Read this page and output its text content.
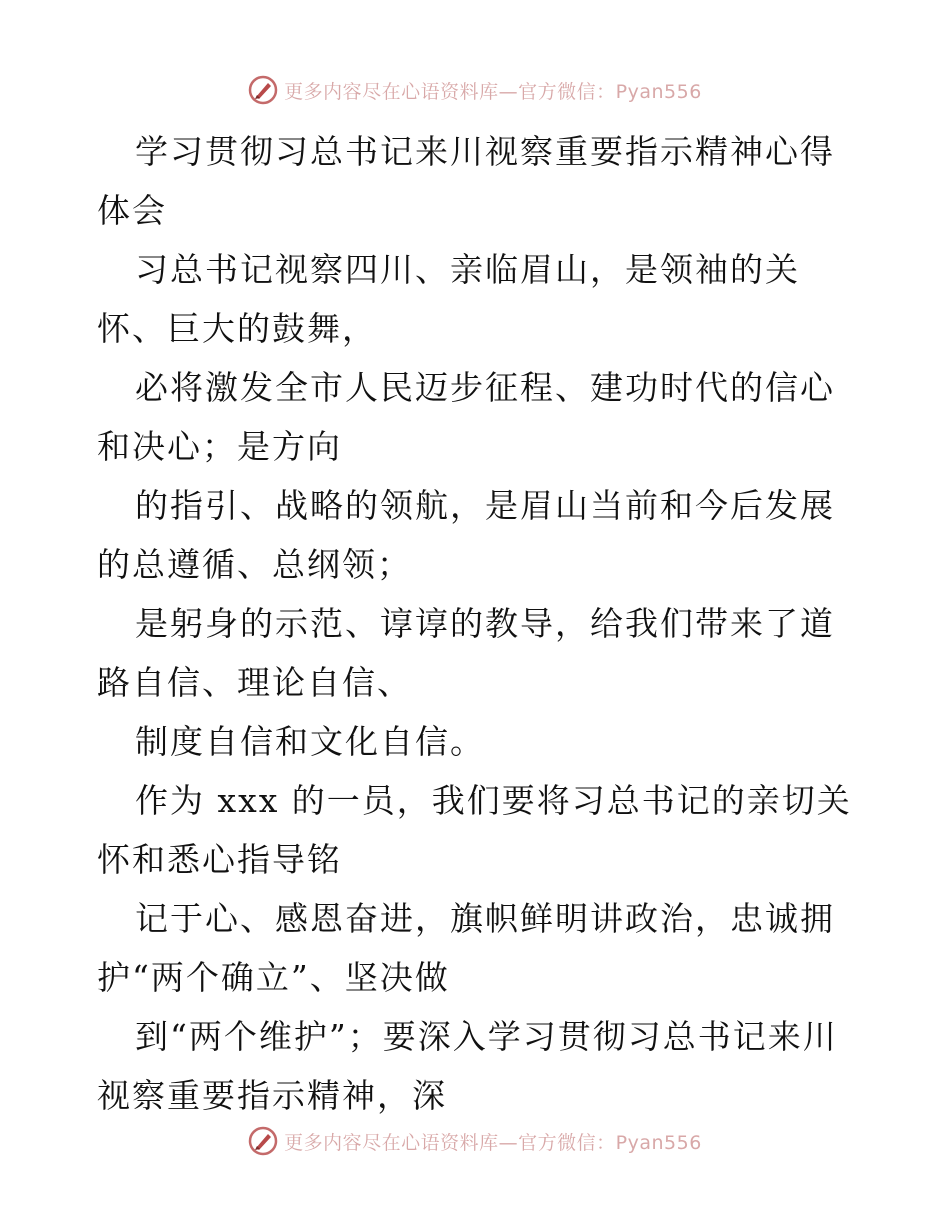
更多内容尽在心语资料库—官方微信：Pyan556

学习贯彻习总书记来川视察重要指示精神心得体会

习总书记视察四川、亲临眉山，是领袖的关怀、巨大的鼓舞，

必将激发全市人民迈步征程、建功时代的信心和决心；是方向

的指引、战略的领航，是眉山当前和今后发展的总遵循、总纲领；

是躬身的示范、谆谆的教导，给我们带来了道路自信、理论自信、

制度自信和文化自信。

作为 xxx 的一员，我们要将习总书记的亲切关怀和悉心指导铭

记于心、感恩奋进，旗帜鲜明讲政治，忠诚拥护“两个确立”、坚决做

到“两个维护”；要深入学习贯彻习总书记来川视察重要指示精神，深

更多内容尽在心语资料库—官方微信：Pyan556
